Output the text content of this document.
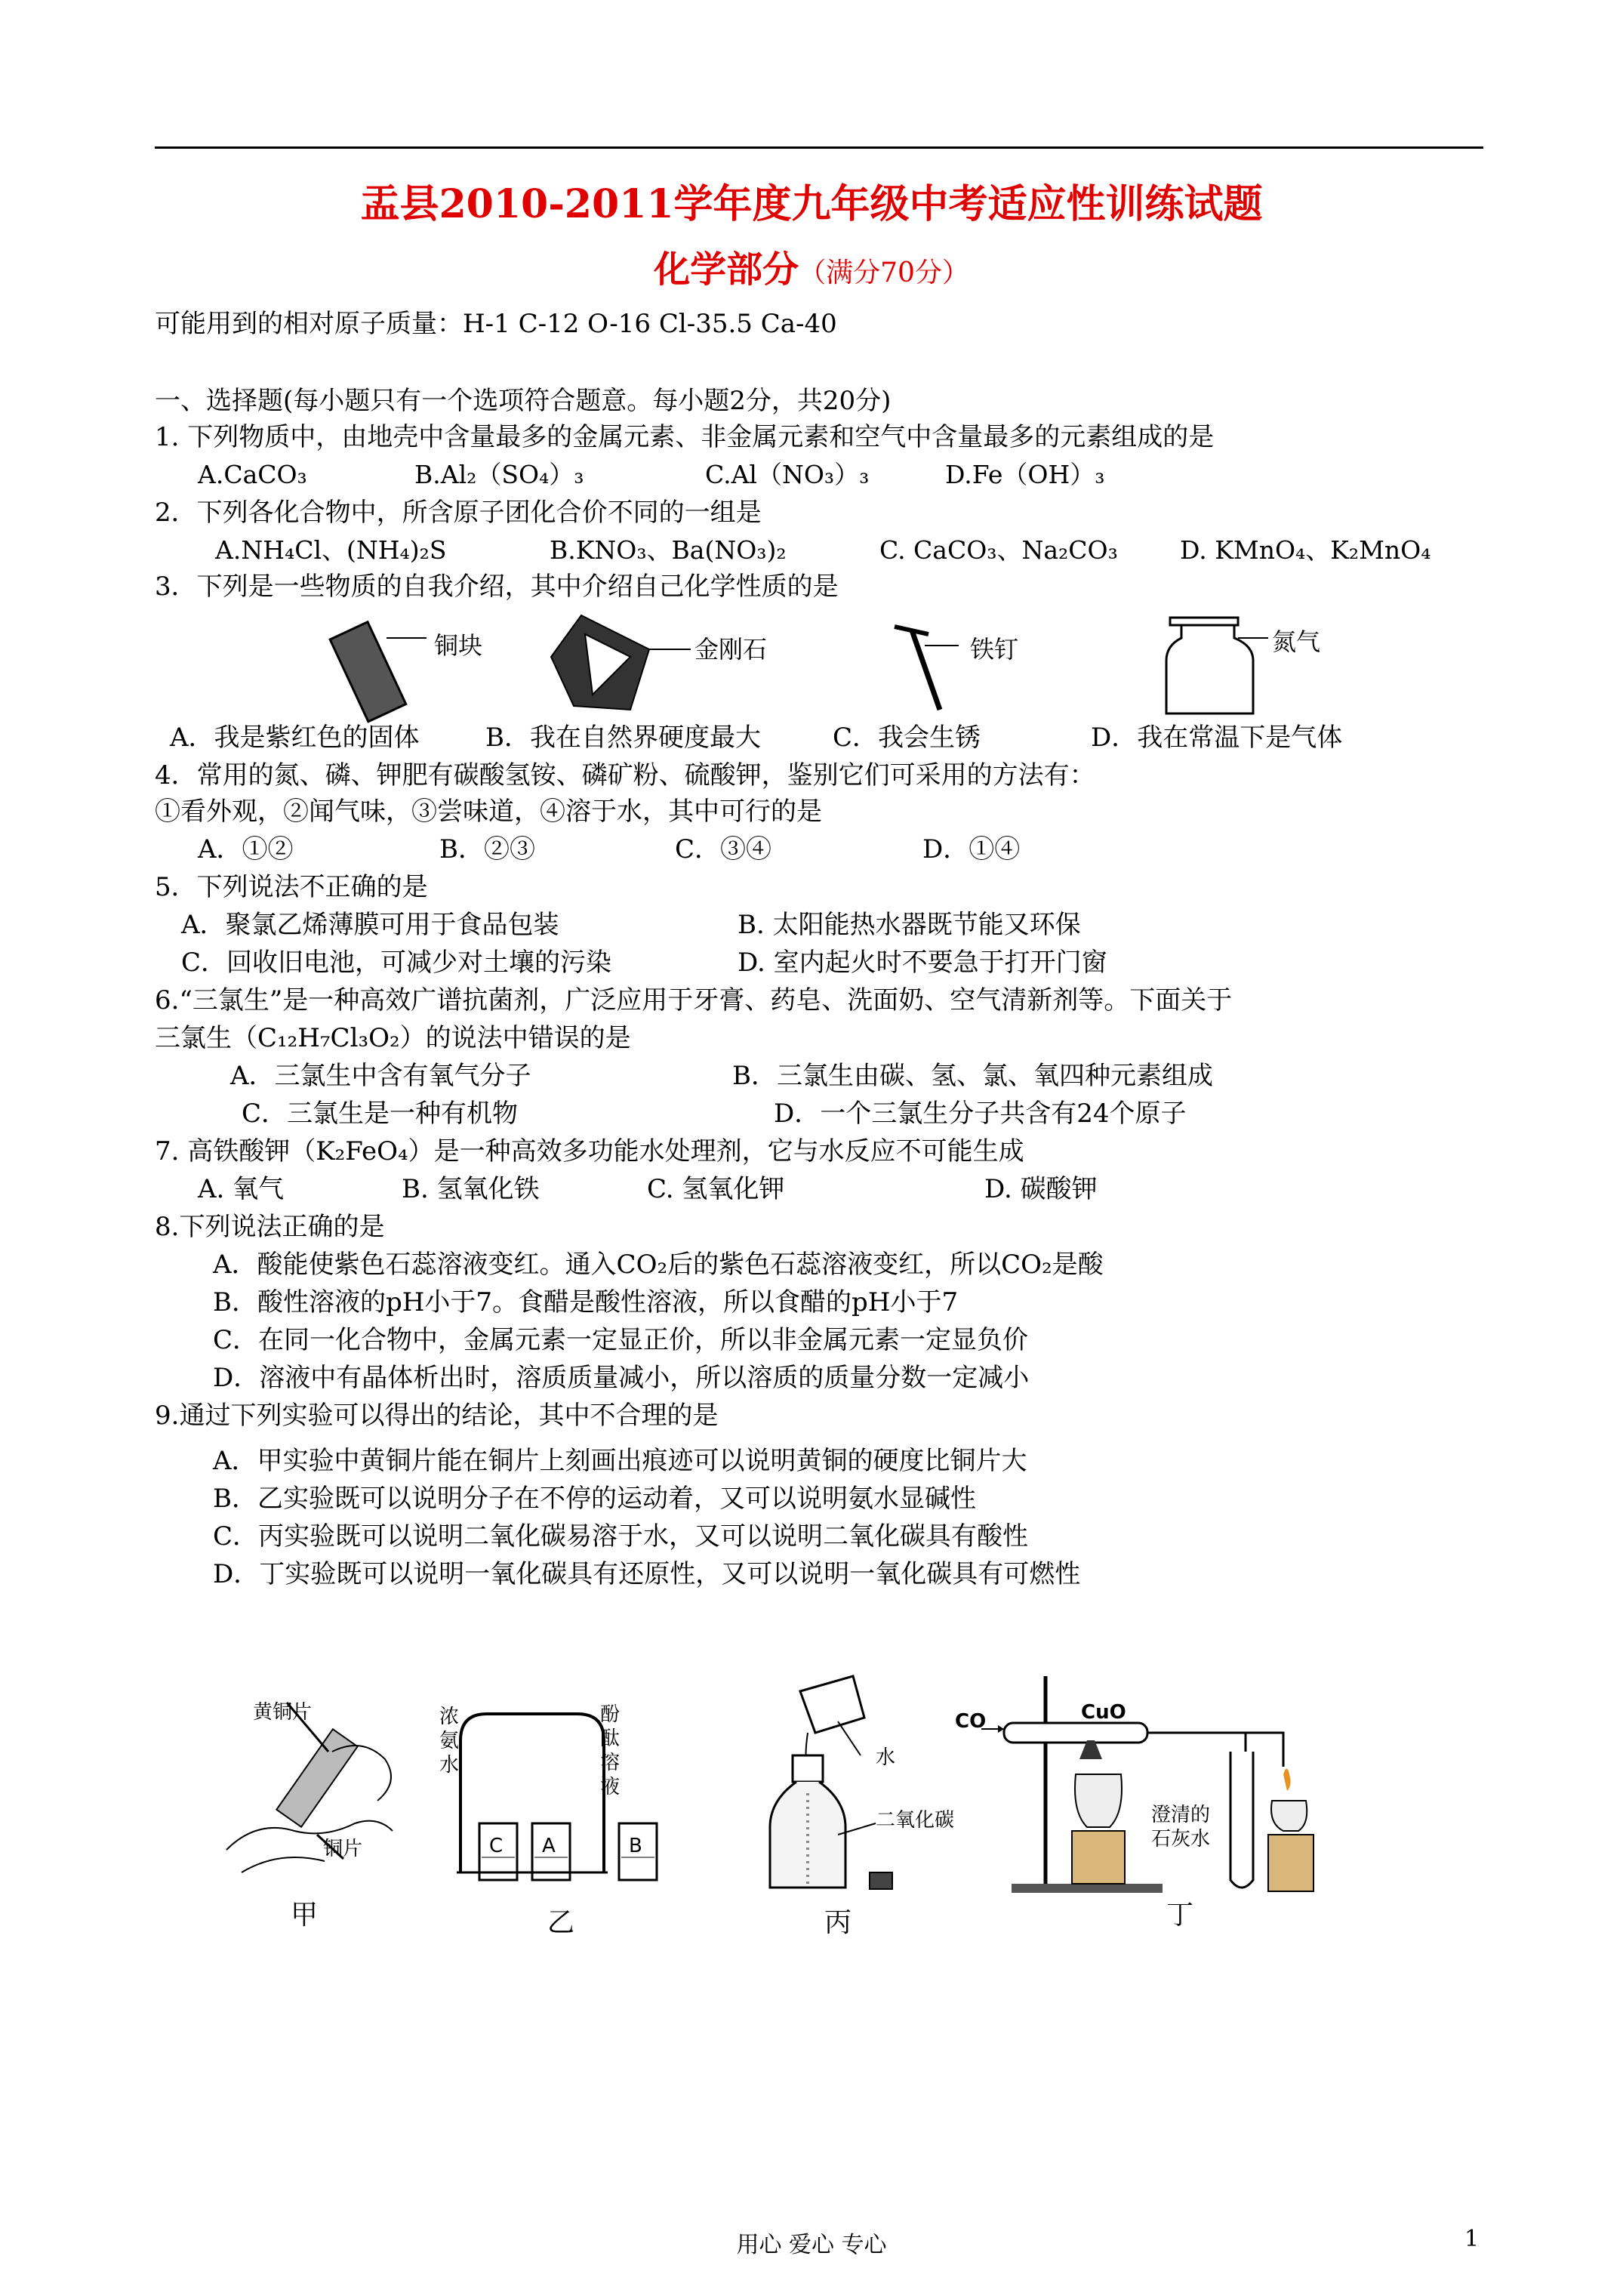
盂县2010-2011学年度九年级中考适应性训练试题
化学部分（满分70分）
可能用到的相对原子质量：H-1 C-12 O-16 Cl-35.5 Ca-40
一、选择题(每小题只有一个选项符合题意。每小题2分，共20分)
1. 下列物质中，由地壳中含量最多的金属元素、非金属元素和空气中含量最多的元素组成的是
A.CaCO₃	B.Al₂（SO₄）₃	C.Al（NO₃）₃	D.Fe（OH）₃
2．下列各化合物中，所含原子团化合价不同的一组是
A.NH₄Cl、(NH₄)₂S	B.KNO₃、Ba(NO₃)₂	C. CaCO₃、Na₂CO₃ D. KMnO₄、K₂MnO₄
3．下列是一些物质的自我介绍，其中介绍自己化学性质的是
铜块	金刚石	铁钉	氮气
A．我是紫红色的固体	B．我在自然界硬度最大	C．我会生锈	D．我在常温下是气体
4．常用的氮、磷、钾肥有碳酸氢铵、磷矿粉、硫酸钾，鉴别它们可采用的方法有：
①看外观，②闻气味，③尝味道，④溶于水，其中可行的是
A．①②	B．②③	C．③④	D．①④
5．下列说法不正确的是
A．聚氯乙烯薄膜可用于食品包装	B. 太阳能热水器既节能又环保
C．回收旧电池，可减少对土壤的污染	D. 室内起火时不要急于打开门窗
6.“三氯生”是一种高效广谱抗菌剂，广泛应用于牙膏、药皂、洗面奶、空气清新剂等。下面关于
三氯生（C₁₂H₇Cl₃O₂）的说法中错误的是
A．三氯生中含有氧气分子	B．三氯生由碳、氢、氯、氧四种元素组成
C．三氯生是一种有机物	D．一个三氯生分子共含有24个原子
7. 高铁酸钾（K₂FeO₄）是一种高效多功能水处理剂，它与水反应不可能生成
A. 氧气	B. 氢氧化铁	C. 氢氧化钾	D. 碳酸钾
8.下列说法正确的是
A．酸能使紫色石蕊溶液变红。通入CO₂后的紫色石蕊溶液变红，所以CO₂是酸
B．酸性溶液的pH小于7。食醋是酸性溶液，所以食醋的pH小于7
C．在同一化合物中，金属元素一定显正价，所以非金属元素一定显负价
D．溶液中有晶体析出时，溶质质量减小，所以溶质的质量分数一定减小
9.通过下列实验可以得出的结论，其中不合理的是
A．甲实验中黄铜片能在铜片上刻画出痕迹可以说明黄铜的硬度比铜片大
B．乙实验既可以说明分子在不停的运动着，又可以说明氨水显碱性
C．丙实验既可以说明二氧化碳易溶于水，又可以说明二氧化碳具有酸性
D．丁实验既可以说明一氧化碳具有还原性，又可以说明一氧化碳具有可燃性
黄铜片
铜片
浓氨水
酚酞溶液
C A	B
水
二氧化碳
CO	CuO
澄清的石灰水
甲	乙	丙	丁
用心 爱心 专心	1
